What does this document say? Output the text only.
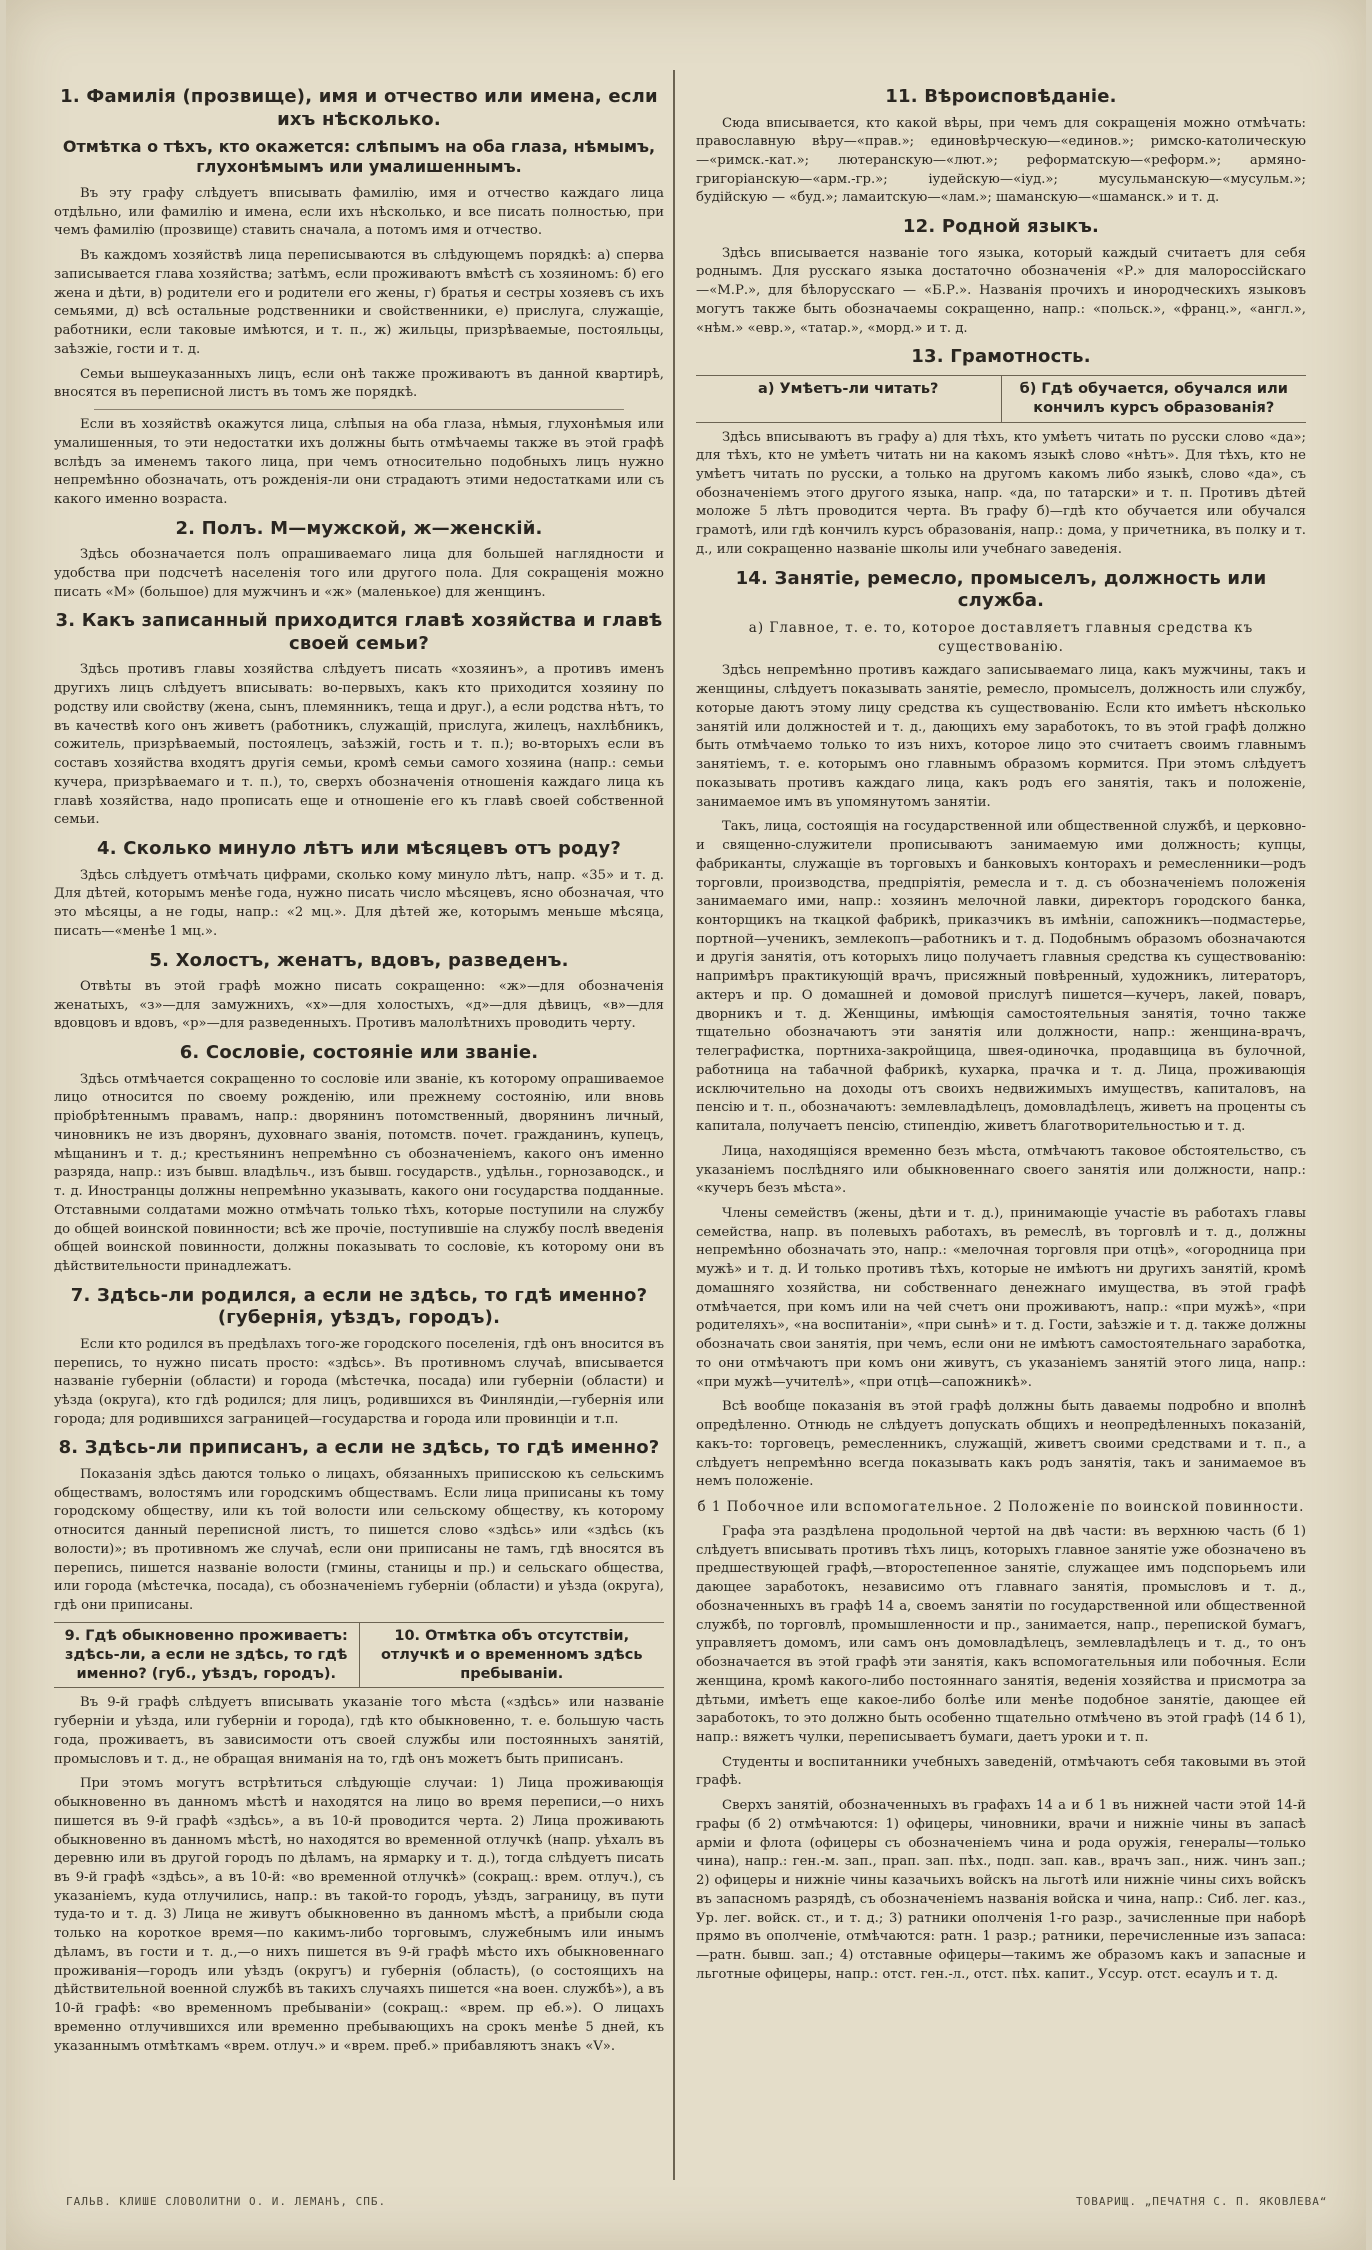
1. Фамилія (прозвище), имя и отчество или имена, если ихъ нѣсколько.
Отмѣтка о тѣхъ, кто окажется: слѣпымъ на оба глаза, нѣмымъ, глухонѣмымъ или умалишеннымъ.

Въ эту графу слѣдуетъ вписывать фамилію, имя и отчество каждаго лица отдѣльно, или фамилію и имена, если ихъ нѣсколько, и все писать полностью, при чемъ фамилію (прозвище) ставить сначала, а потомъ имя и отчество.

Въ каждомъ хозяйствѣ лица переписываются въ слѣдующемъ порядкѣ: а) сперва записывается глава хозяйства; затѣмъ, если проживаютъ вмѣстѣ съ хозяиномъ: б) его жена и дѣти, в) родители его и родители его жены, г) братья и сестры хозяевъ съ ихъ семьями, д) всѣ остальные родственники и свойственники, е) прислуга, служащіе, работники, если таковые имѣются, и т. п., ж) жильцы, призрѣваемые, постояльцы, заѣзжіе, гости и т. д.

Семьи вышеуказанныхъ лицъ, если онѣ также проживаютъ въ данной квартирѣ, вносятся въ переписной листъ въ томъ же порядкѣ.

Если въ хозяйствѣ окажутся лица, слѣпыя на оба глаза, нѣмыя, глухонѣмыя или умалишенныя, то эти недостатки ихъ должны быть отмѣчаемы также въ этой графѣ вслѣдъ за именемъ такого лица, при чемъ относительно подобныхъ лицъ нужно непремѣнно обозначать, отъ рожденія-ли они страдаютъ этими недостатками или съ какого именно возраста.

2. Полъ. М—мужской, ж—женскій.

Здѣсь обозначается полъ опрашиваемаго лица для большей наглядности и удобства при подсчетѣ населенія того или другого пола. Для сокращенія можно писать «М» (большое) для мужчинъ и «ж» (маленькое) для женщинъ.

3. Какъ записанный приходится главѣ хозяйства и главѣ своей семьи?

Здѣсь противъ главы хозяйства слѣдуетъ писать «хозяинъ», а противъ именъ другихъ лицъ слѣдуетъ вписывать: во-первыхъ, какъ кто приходится хозяину по родству или свойству (жена, сынъ, племянникъ, теща и друг.), а если родства нѣтъ, то въ качествѣ кого онъ живетъ (работникъ, служащій, прислуга, жилецъ, нахлѣбникъ, сожитель, призрѣваемый, постоялецъ, заѣзжій, гость и т. п.); во-вторыхъ если въ составъ хозяйства входятъ другія семьи, кромѣ семьи самого хозяина (напр.: семьи кучера, призрѣваемаго и т. п.), то, сверхъ обозначенія отношенія каждаго лица къ главѣ хозяйства, надо прописать еще и отношеніе его къ главѣ своей собственной семьи.

4. Сколько минуло лѣтъ или мѣсяцевъ отъ роду?

Здѣсь слѣдуетъ отмѣчать цифрами, сколько кому минуло лѣтъ, напр. «35» и т. д. Для дѣтей, которымъ менѣе года, нужно писать число мѣсяцевъ, ясно обозначая, что это мѣсяцы, а не годы, напр.: «2 мц.». Для дѣтей же, которымъ меньше мѣсяца, писать—«менѣе 1 мц.».

5. Холостъ, женатъ, вдовъ, разведенъ.

Отвѣты въ этой графѣ можно писать сокращенно: «ж»—для обозначенія женатыхъ, «з»—для замужнихъ, «х»—для холостыхъ, «д»—для дѣвицъ, «в»—для вдовцовъ и вдовъ, «р»—для разведенныхъ. Противъ малолѣтнихъ проводить черту.

6. Сословіе, состояніе или званіе.

Здѣсь отмѣчается сокращенно то сословіе или званіе, къ которому опрашиваемое лицо относится по своему рожденію, или прежнему состоянію, или вновь пріобрѣтеннымъ правамъ, напр.: дворянинъ потомственный, дворянинъ личный, чиновникъ не изъ дворянъ, духовнаго званія, потомств. почет. гражданинъ, купецъ, мѣщанинъ и т. д.; крестьянинъ непремѣнно съ обозначеніемъ, какого онъ именно разряда, напр.: изъ бывш. владѣльч., изъ бывш. государств., удѣльн., горнозаводск., и т. д. Иностранцы должны непремѣнно указывать, какого они государства подданные. Отставными солдатами можно отмѣчать только тѣхъ, которые поступили на службу до общей воинской повинности; всѣ же прочіе, поступившіе на службу послѣ введенія общей воинской повинности, должны показывать то сословіе, къ которому они въ дѣйствительности принадлежатъ.

7. Здѣсь-ли родился, а если не здѣсь, то гдѣ именно? (губернія, уѣздъ, городъ).

Если кто родился въ предѣлахъ того-же городского поселенія, гдѣ онъ вносится въ перепись, то нужно писать просто: «здѣсь». Въ противномъ случаѣ, вписывается названіе губерніи (области) и города (мѣстечка, посада) или губерніи (области) и уѣзда (округа), кто гдѣ родился; для лицъ, родившихся въ Финляндіи,—губернія или города; для родившихся заграницей—государства и города или провинціи и т.п.

8. Здѣсь-ли приписанъ, а если не здѣсь, то гдѣ именно?

Показанія здѣсь даются только о лицахъ, обязанныхъ приписскою къ сельскимъ обществамъ, волостямъ или городскимъ обществамъ. Если лица приписаны къ тому городскому обществу, или къ той волости или сельскому обществу, къ которому относится данный переписной листъ, то пишется слово «здѣсь» или «здѣсь (къ волости)»; въ противномъ же случаѣ, если они приписаны не тамъ, гдѣ вносятся въ перепись, пишется названіе волости (гмины, станицы и пр.) и сельскаго общества, или города (мѣстечка, посада), съ обозначеніемъ губерніи (области) и уѣзда (округа), гдѣ они приписаны.

9. Гдѣ обыкновенно проживаетъ: здѣсь-ли, а если не здѣсь, то гдѣ именно? (губ., уѣздъ, городъ).
10. Отмѣтка объ отсутствіи, отлучкѣ и о временномъ здѣсь пребываніи.

Въ 9-й графѣ слѣдуетъ вписывать указаніе того мѣста («здѣсь» или названіе губерніи и уѣзда, или губерніи и города), гдѣ кто обыкновенно, т. е. большую часть года, проживаетъ, въ зависимости отъ своей службы или постоянныхъ занятій, промысловъ и т. д., не обращая вниманія на то, гдѣ онъ можетъ быть приписанъ.

При этомъ могутъ встрѣтиться слѣдующіе случаи: 1) Лица проживающія обыкновенно въ данномъ мѣстѣ и находятся на лицо во время переписи,—о нихъ пишется въ 9-й графѣ «здѣсь», а въ 10-й проводится черта. 2) Лица проживають обыкновенно въ данномъ мѣстѣ, но находятся во временной отлучкѣ (напр. уѣхалъ въ деревню или въ другой городъ по дѣламъ, на ярмарку и т. д.), тогда слѣдуетъ писать въ 9-й графѣ «здѣсь», а въ 10-й: «во временной отлучкѣ» (сокращ.: врем. отлуч.), съ указаніемъ, куда отлучились, напр.: въ такой-то городъ, уѣздъ, заграницу, въ пути туда-то и т. д. 3) Лица не живутъ обыкновенно въ данномъ мѣстѣ, а прибыли сюда только на короткое время—по какимъ-либо торговымъ, служебнымъ или инымъ дѣламъ, въ гости и т. д.,—о нихъ пишется въ 9-й графѣ мѣсто ихъ обыкновеннаго проживанія—городъ или уѣздъ (округъ) и губернія (область), (о состоящихъ на дѣйствительной военной службѣ въ такихъ случаяхъ пишется «на воен. службѣ»), а въ 10-й графѣ: «во временномъ пребываніи» (сокращ.: «врем. пр еб.»). О лицахъ временно отлучившихся или временно пребывающихъ на срокъ менѣе 5 дней, къ указаннымъ отмѣткамъ «врем. отлуч.» и «врем. преб.» прибавляютъ знакъ «V».

11. Вѣроисповѣданіе.

Сюда вписывается, кто какой вѣры, при чемъ для сокращенія можно отмѣчать: православную вѣру—«прав.»; единовѣрческую—«единов.»; римско-католическую—«римск.-кат.»; лютеранскую—«лют.»; реформатскую—«реформ.»; армяно-григоріанскую—«арм.-гр.»; іудейскую—«іуд.»; мусульманскую—«мусульм.»; будійскую — «буд.»; ламаитскую—«лам.»; шаманскую—«шаманск.» и т. д.

12. Родной языкъ.

Здѣсь вписывается названіе того языка, который каждый считаетъ для себя роднымъ. Для русскаго языка достаточно обозначенія «Р.» для малороссійскаго—«М.Р.», для бѣлорусскаго — «Б.Р.». Названія прочихъ и инородческихъ языковъ могутъ также быть обозначаемы сокращенно, напр.: «польск.», «франц.», «англ.», «нѣм.» «евр.», «татар.», «морд.» и т. д.

13. Грамотность.
а) Умѣетъ-ли читать?	б) Гдѣ обучается, обучался или кончилъ курсъ образованія?

Здѣсь вписываютъ въ графу а) для тѣхъ, кто умѣетъ читать по русски слово «да»; для тѣхъ, кто не умѣетъ читать ни на какомъ языкѣ слово «нѣтъ». Для тѣхъ, кто не умѣетъ читать по русски, а только на другомъ какомъ либо языкѣ, слово «да», съ обозначеніемъ этого другого языка, напр. «да, по татарски» и т. п. Противъ дѣтей моложе 5 лѣтъ проводится черта. Въ графу б)—гдѣ кто обучается или обучался грамотѣ, или гдѣ кончилъ курсъ образованія, напр.: дома, у причетника, въ полку и т. д., или сокращенно названіе школы или учебнаго заведенія.

14. Занятіе, ремесло, промыселъ, должность или служба.
а) Главное, т. е. то, которое доставляетъ главныя средства къ существованію.

Здѣсь непремѣнно противъ каждаго записываемаго лица, какъ мужчины, такъ и женщины, слѣдуетъ показывать занятіе, ремесло, промыселъ, должность или службу, которые даютъ этому лицу средства къ существованію. Если кто имѣетъ нѣсколько занятій или должностей и т. д., дающихъ ему заработокъ, то въ этой графѣ должно быть отмѣчаемо только то изъ нихъ, которое лицо это считаетъ своимъ главнымъ занятіемъ, т. е. которымъ оно главнымъ образомъ кормится. При этомъ слѣдуетъ показывать противъ каждаго лица, какъ родъ его занятія, такъ и положеніе, занимаемое имъ въ упомянутомъ занятіи.

Такъ, лица, состоящія на государственной или общественной службѣ, и церковно-и священно-служители прописываютъ занимаемую ими должность; купцы, фабриканты, служащіе въ торговыхъ и банковыхъ конторахъ и ремесленники—родъ торговли, производства, предпріятія, ремесла и т. д. съ обозначеніемъ положенія занимаемаго ими, напр.: хозяинъ мелочной лавки, директоръ городского банка, конторщикъ на ткацкой фабрикѣ, приказчикъ въ имѣніи, сапожникъ—подмастерье, портной—ученикъ, землекопъ—работникъ и т. д. Подобнымъ образомъ обозначаются и другія занятія, отъ которыхъ лицо получаетъ главныя средства къ существованію: напримѣръ практикующій врачъ, присяжный повѣренный, художникъ, литераторъ, актеръ и пр. О домашней и домовой прислугѣ пишется—кучеръ, лакей, поваръ, дворникъ и т. д. Женщины, имѣющія самостоятельныя занятія, точно также тщательно обозначаютъ эти занятія или должности, напр.: женщина-врачъ, телеграфистка, портниха-закройщица, швея-одиночка, продавщица въ булочной, работница на табачной фабрикѣ, кухарка, прачка и т. д. Лица, проживающія исключительно на доходы отъ своихъ недвижимыхъ имуществъ, капиталовъ, на пенсію и т. п., обозначаютъ: землевладѣлецъ, домовладѣлецъ, живетъ на проценты съ капитала, получаетъ пенсію, стипендію, живетъ благотворительностью и т. д.

Лица, находящіяся временно безъ мѣста, отмѣчаютъ таковое обстоятельство, съ указаніемъ послѣдняго или обыкновеннаго своего занятія или должности, напр.: «кучеръ безъ мѣста».

Члены семействъ (жены, дѣти и т. д.), принимающіе участіе въ работахъ главы семейства, напр. въ полевыхъ работахъ, въ ремеслѣ, въ торговлѣ и т. д., должны непремѣнно обозначать это, напр.: «мелочная торговля при отцѣ», «огородница при мужѣ» и т. д. И только противъ тѣхъ, которые не имѣютъ ни другихъ занятій, кромѣ домашняго хозяйства, ни собственнаго денежнаго имущества, въ этой графѣ отмѣчается, при комъ или на чей счетъ они проживаютъ, напр.: «при мужѣ», «при родителяхъ», «на воспитаніи», «при сынѣ» и т. д. Гости, заѣзжіе и т. д. также должны обозначать свои занятія, при чемъ, если они не имѣютъ самостоятельнаго заработка, то они отмѣчаютъ при комъ они живутъ, съ указаніемъ занятій этого лица, напр.: «при мужѣ—учителѣ», «при отцѣ—сапожникѣ».

Всѣ вообще показанія въ этой графѣ должны быть даваемы подробно и вполнѣ опредѣленно. Отнюдь не слѣдуетъ допускать общихъ и неопредѣленныхъ показаній, какъ-то: торговецъ, ремесленникъ, служащій, живетъ своими средствами и т. п., а слѣдуетъ непремѣнно всегда показывать какъ родъ занятія, такъ и занимаемое въ немъ положеніе.

б 1 Побочное или вспомогательное. 2 Положеніе по воинской повинности.

Графа эта раздѣлена продольной чертой на двѣ части: въ верхнюю часть (б 1) слѣдуетъ вписывать противъ тѣхъ лицъ, которыхъ главное занятіе уже обозначено въ предшествующей графѣ,—второстепенное занятіе, служащее имъ подспорьемъ или дающее заработокъ, независимо отъ главнаго занятія, промысловъ и т. д., обозначенныхъ въ графѣ 14 а, своемъ занятіи по государственной или общественной службѣ, по торговлѣ, промышленности и пр., занимается, напр., перепиской бумагъ, управляетъ домомъ, или самъ онъ домовладѣлецъ, землевладѣлецъ и т. д., то онъ обозначается въ этой графѣ эти занятія, какъ вспомогательныя или побочныя. Если женщина, кромѣ какого-либо постояннаго занятія, веденія хозяйства и присмотра за дѣтьми, имѣетъ еще какое-либо болѣе или менѣе подобное занятіе, дающее ей заработокъ, то это должно быть особенно тщательно отмѣчено въ этой графѣ (14 б 1), напр.: вяжетъ чулки, переписываетъ бумаги, даетъ уроки и т. п.

Студенты и воспитанники учебныхъ заведеній, отмѣчаютъ себя таковыми въ этой графѣ.

Сверхъ занятій, обозначенныхъ въ графахъ 14 а и б 1 въ нижней части этой 14-й графы (б 2) отмѣчаются: 1) офицеры, чиновники, врачи и нижніе чины въ запасѣ арміи и флота (офицеры съ обозначеніемъ чина и рода оружія, генералы—только чина), напр.: ген.-м. зап., прап. зап. пѣх., подп. зап. кав., врачъ зап., ниж. чинъ зап.; 2) офицеры и нижніе чины казачьихъ войскъ на льготѣ или нижніе чины сихъ войскъ въ запасномъ разрядѣ, съ обозначеніемъ названія войска и чина, напр.: Сиб. лег. каз., Ур. лег. войск. ст., и т. д.; 3) ратники ополченія 1-го разр., зачисленные при наборѣ прямо въ ополченіе, отмѣчаются: ратн. 1 разр.; ратники, перечисленные изъ запаса:—ратн. бывш. зап.; 4) отставные офицеры—такимъ же образомъ какъ и запасные и льготные офицеры, напр.: отст. ген.-л., отст. пѣх. капит., Уссур. отст. есаулъ и т. д.

ГАЛЬВ. КЛИШЕ СЛОВОЛИТНИ О. И. ЛЕМАНЪ, СПБ.	ТОВАРИЩ. „ПЕЧАТНЯ С. П. ЯКОВЛЕВА“
